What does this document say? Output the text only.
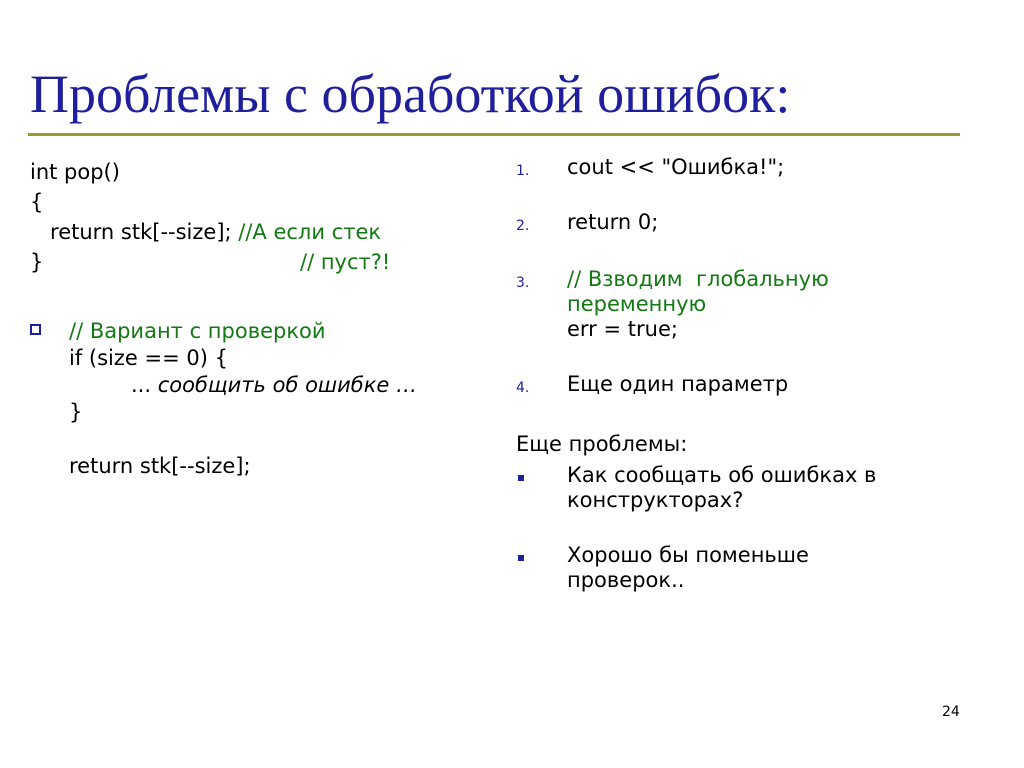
Проблемы с обработкой ошибок:
int pop()
{
return stk[--size]; //А если стек
}	// пуст?!
// Вариант с проверкой
if (size == 0) {
... сообщить об ошибке …
}
return stk[--size];
1. cout << "Ошибка!";
2. return 0;
3. // Взводим  глобальную
переменную
err = true;
4. Еще один параметр
Еще проблемы:
Как сообщать об ошибках в
конструкторах?
Хорошо бы поменьше
проверок..
24
